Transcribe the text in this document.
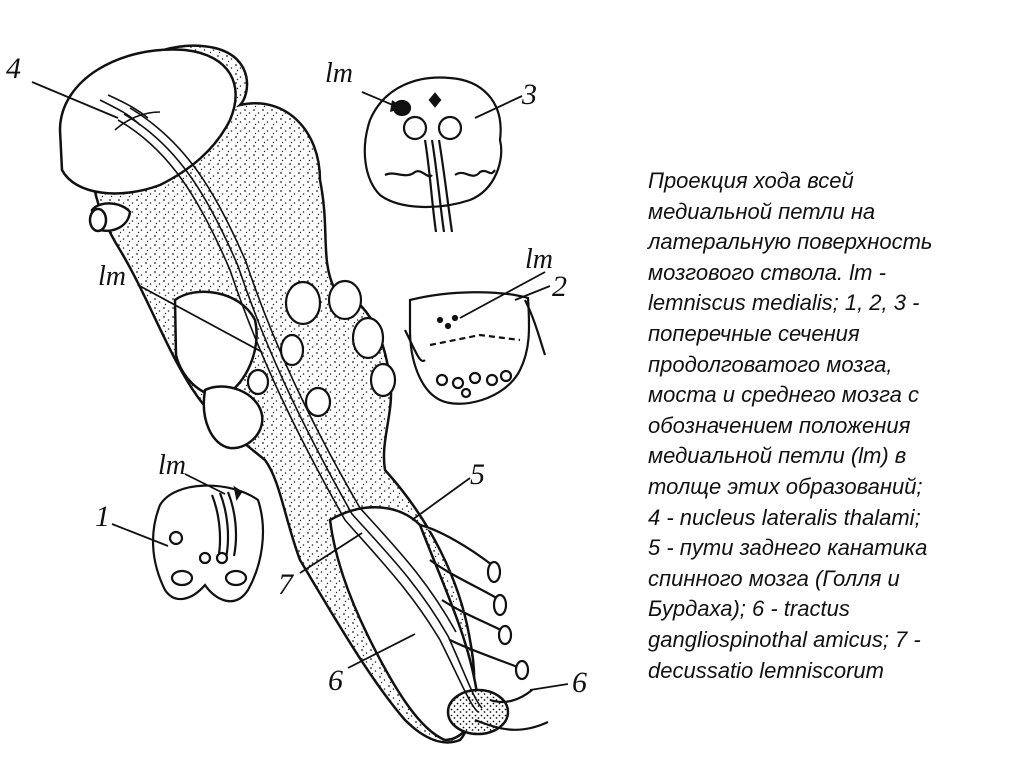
4
lm
lm
3
lm
2
1
lm	5
7
6	6

Проекция хода всей
медиальной петли на
латеральную поверхность
мозгового ствола. lm -
lemniscus medialis; 1, 2, 3 -
поперечные сечения
продолговатого мозга,
моста и среднего мозга с
обозначением положения
медиальной петли (lm) в
толще этих образований;
4 - nucleus lateralis thalami;
5 - пути заднего канатика
спинного мозга (Голля и
Бурдаха); 6 - tractus
gangliospinothal amicus; 7 -
decussatio lemniscorum
